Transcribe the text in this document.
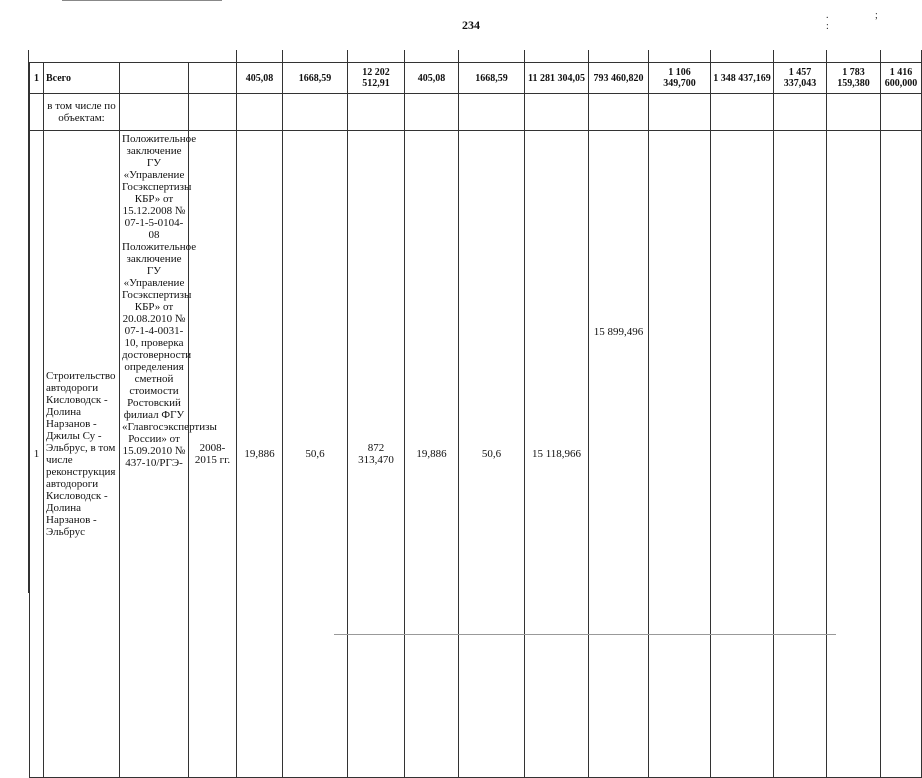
234
. ; :

1	Всего			405,08	1668,59	12 202 512,91	405,08	1668,59	11 281 304,05	793 460,820	1 106 349,700	1 348 437,169	1 457 337,043	1 783 159,380	1 416 600,000
	в том числе по объектам:														
1	Строительство автодороги Кисловодск - Долина Нарзанов - Джилы Су - Эльбрус, в том числе реконструкция автодороги Кисловодск - Долина Нарзанов - Эльбрус	Положительное заключение ГУ «Управление Госэкспертизы КБР» от 15.12.2008 № 07-1-5-0104-08 Положительное заключение ГУ «Управление Госэкспертизы КБР» от 20.08.2010 № 07-1-4-0031-10, проверка достоверности определения сметной стоимости Ростовский филиал ФГУ «Главгосэкспертизы России» от 15.09.2010 № 437-10/РГЭ-	2008-2015 гг.	19,886	50,6	872 313,470	19,886	50,6	15 118,966	15 899,496					
